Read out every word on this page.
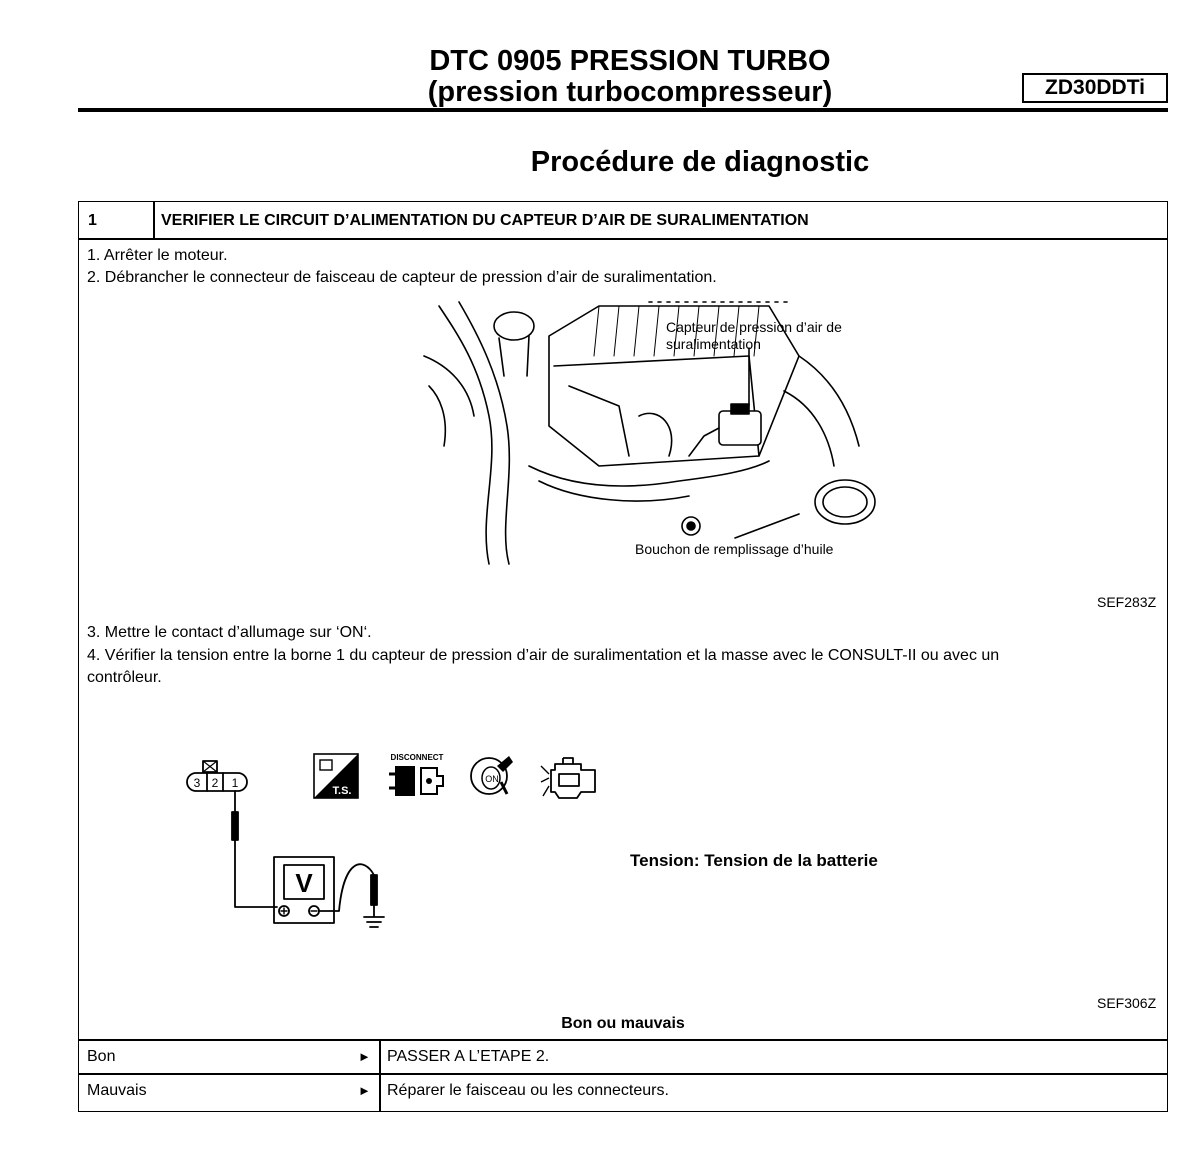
DTC 0905 PRESSION TURBO
(pression turbocompresseur)	ZD30DDTi
Procédure de diagnostic
1	VERIFIER LE CIRCUIT D’ALIMENTATION DU CAPTEUR D’AIR DE SURALIMENTATION
1. Arrêter le moteur.
2. Débrancher le connecteur de faisceau de capteur de pression d’air de suralimentation.
Capteur de pression d’air de
suralimentation
Bouchon de remplissage d’huile
SEF283Z
3. Mettre le contact d’allumage sur ‘ON‘.
4. Vérifier la tension entre la borne 1 du capteur de pression d’air de suralimentation et la masse avec le CONSULT-II ou avec un
contrôleur.
3 2 1
V
T.S.
DISCONNECT
ON
Tension: Tension de la batterie
SEF306Z
Bon ou mauvais
Bon	► PASSER A L’ETAPE 2.
Mauvais	► Réparer le faisceau ou les connecteurs.
